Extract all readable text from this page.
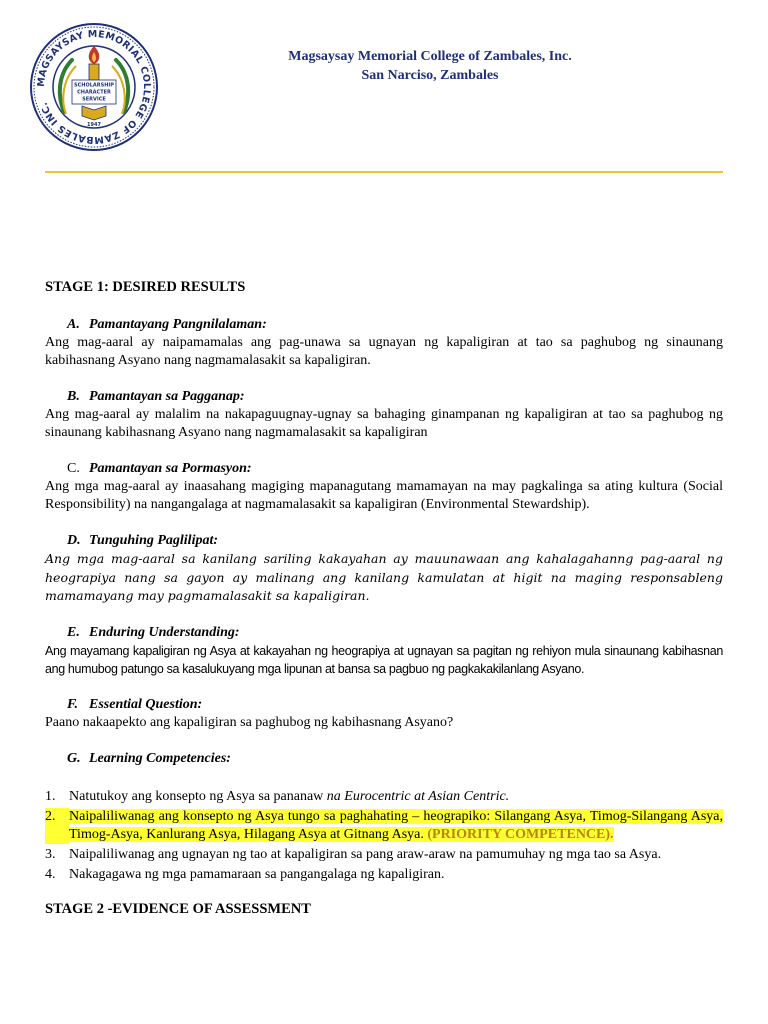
MAGSAYSAY MEMORIAL COLLEGE OF ZAMBALES INC.
SCHOLARSHIP
CHARACTER
SERVICE
1947
Magsaysay Memorial College of Zambales, Inc.
San Narciso, Zambales
STAGE 1: DESIRED RESULTS
A. Pamantayang Pangnilalaman:
Ang mag-aaral ay naipamamalas ang pag-unawa sa ugnayan ng kapaligiran at tao sa paghubog ng sinaunang kabihasnang Asyano nang nagmamalasakit sa kapaligiran.
B. Pamantayan sa Pagganap:
Ang mag-aaral ay malalim na nakapaguugnay-ugnay sa bahaging ginampanan ng kapaligiran at tao sa paghubog ng sinaunang kabihasnang Asyano nang nagmamalasakit sa kapaligiran
C. Pamantayan sa Pormasyon:
Ang mga mag-aaral ay inaasahang magiging mapanagutang mamamayan na may pagkalinga sa ating kultura (Social Responsibility) na nangangalaga at nagmamalasakit sa kapaligiran (Environmental Stewardship).
D. Tunguhing Paglilipat:
Ang mga mag-aaral sa kanilang sariling kakayahan ay mauunawaan ang kahalagahanng pag-aaral ng heograpiya nang sa gayon ay malinang ang kanilang kamulatan at higit na maging responsableng mamamayang may pagmamalasakit sa kapaligiran.
E. Enduring Understanding:
Ang mayamang kapaligiran ng Asya at kakayahan ng heograpiya at ugnayan sa pagitan ng rehiyon mula sinaunang kabihasnan ang humubog patungo sa kasalukuyang mga lipunan at bansa sa pagbuo ng pagkakakilanlang Asyano.
F. Essential Question:
Paano nakaapekto ang kapaligiran sa paghubog ng kabihasnang Asyano?
G. Learning Competencies:
1. Natutukoy ang konsepto ng Asya sa pananaw na Eurocentric at Asian Centric.
2. Naipaliliwanag ang konsepto ng Asya tungo sa paghahating – heograpiko: Silangang Asya, Timog-Silangang Asya, Timog-Asya, Kanlurang Asya, Hilagang Asya at Gitnang Asya. (PRIORITY COMPETENCE).
3. Naipaliliwanag ang ugnayan ng tao at kapaligiran sa pang araw-araw na pamumuhay ng mga tao sa Asya.
4. Nakagagawa ng mga pamamaraan sa pangangalaga ng kapaligiran.
STAGE 2 -EVIDENCE OF ASSESSMENT
